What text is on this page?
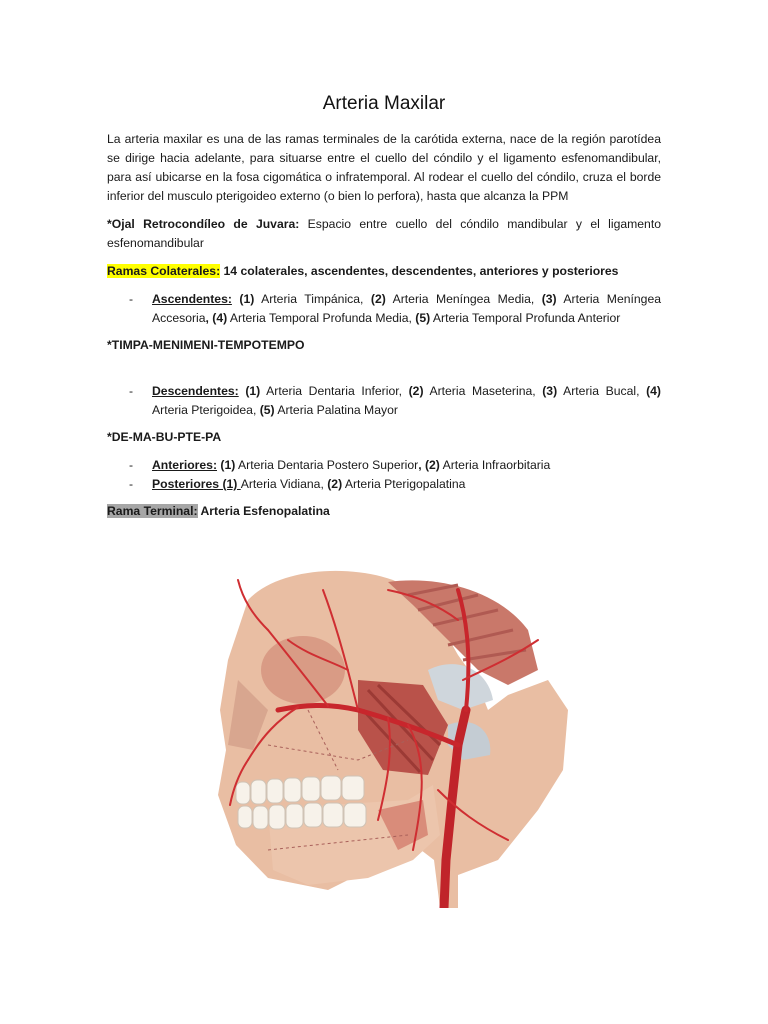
Arteria Maxilar

La arteria maxilar es una de las ramas terminales de la carótida externa, nace de la región parotídea se dirige hacia adelante, para situarse entre el cuello del cóndilo y el ligamento esfenomandibular, para así ubicarse en la fosa cigomática o infratemporal. Al rodear el cuello del cóndilo, cruza el borde inferior del musculo pterigoideo externo (o bien lo perfora), hasta que alcanza la PPM

*Ojal Retrocondíleo de Juvara: Espacio entre cuello del cóndilo mandibular y el ligamento esfenomandibular

Ramas Colaterales: 14 colaterales, ascendentes, descendentes, anteriores y posteriores

- Ascendentes: (1) Arteria Timpánica, (2) Arteria Meníngea Media, (3) Arteria Meníngea Accesoria, (4) Arteria Temporal Profunda Media, (5) Arteria Temporal Profunda Anterior

*TIMPA-MENIMENI-TEMPOTEMPO

- Descendentes: (1) Arteria Dentaria Inferior, (2) Arteria Maseterina, (3) Arteria Bucal, (4) Arteria Pterigoidea, (5) Arteria Palatina Mayor

*DE-MA-BU-PTE-PA

- Anteriores: (1) Arteria Dentaria Postero Superior, (2) Arteria Infraorbitaria
- Posteriores (1) Arteria Vidiana, (2) Arteria Pterigopalatina

Rama Terminal: Arteria Esfenopalatina
